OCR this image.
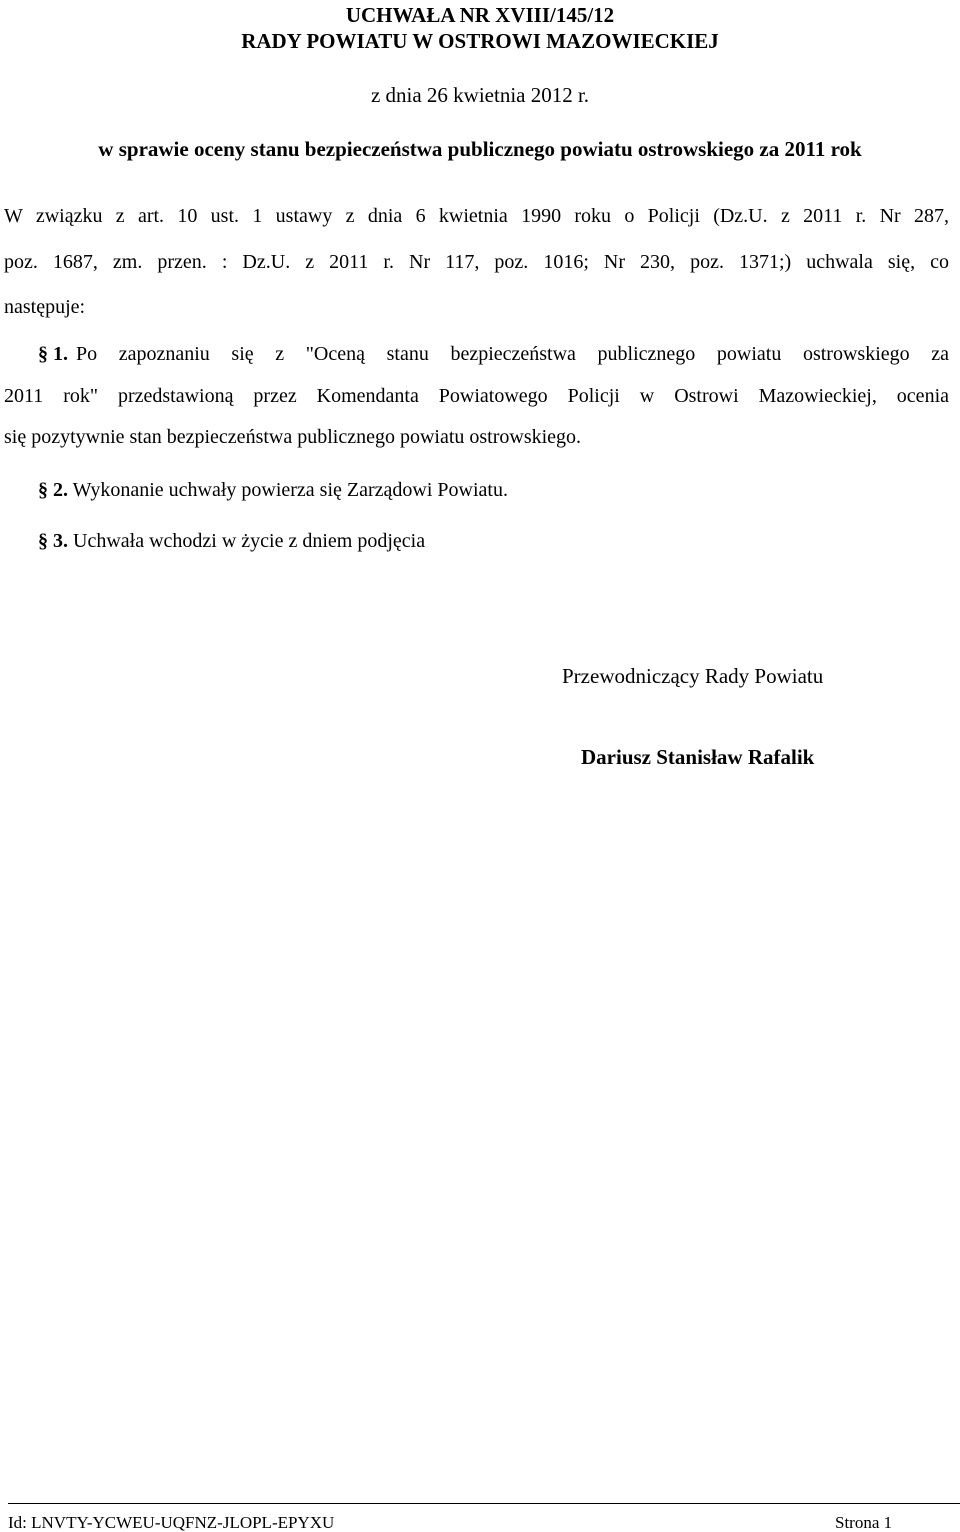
UCHWAŁA NR XVIII/145/12
RADY POWIATU W OSTROWI MAZOWIECKIEJ
z dnia 26 kwietnia 2012 r.
w sprawie oceny stanu bezpieczeństwa publicznego powiatu ostrowskiego za 2011 rok
W związku z art. 10 ust. 1 ustawy z dnia 6 kwietnia 1990 roku o Policji (Dz.U. z 2011 r. Nr 287,
poz. 1687, zm. przen. : Dz.U. z 2011 r. Nr 117, poz. 1016; Nr 230, poz. 1371;) uchwala się, co
następuje:
§ 1. Po zapoznaniu się z "Oceną stanu bezpieczeństwa publicznego powiatu ostrowskiego za
2011 rok" przedstawioną przez Komendanta Powiatowego Policji w Ostrowi Mazowieckiej, ocenia
się pozytywnie stan bezpieczeństwa publicznego powiatu ostrowskiego.
§ 2. Wykonanie uchwały powierza się Zarządowi Powiatu.
§ 3. Uchwała wchodzi w życie z dniem podjęcia
Przewodniczący Rady Powiatu
Dariusz Stanisław Rafalik
Id: LNVTY-YCWEU-UQFNZ-JLOPL-EPYXU	Strona 1
